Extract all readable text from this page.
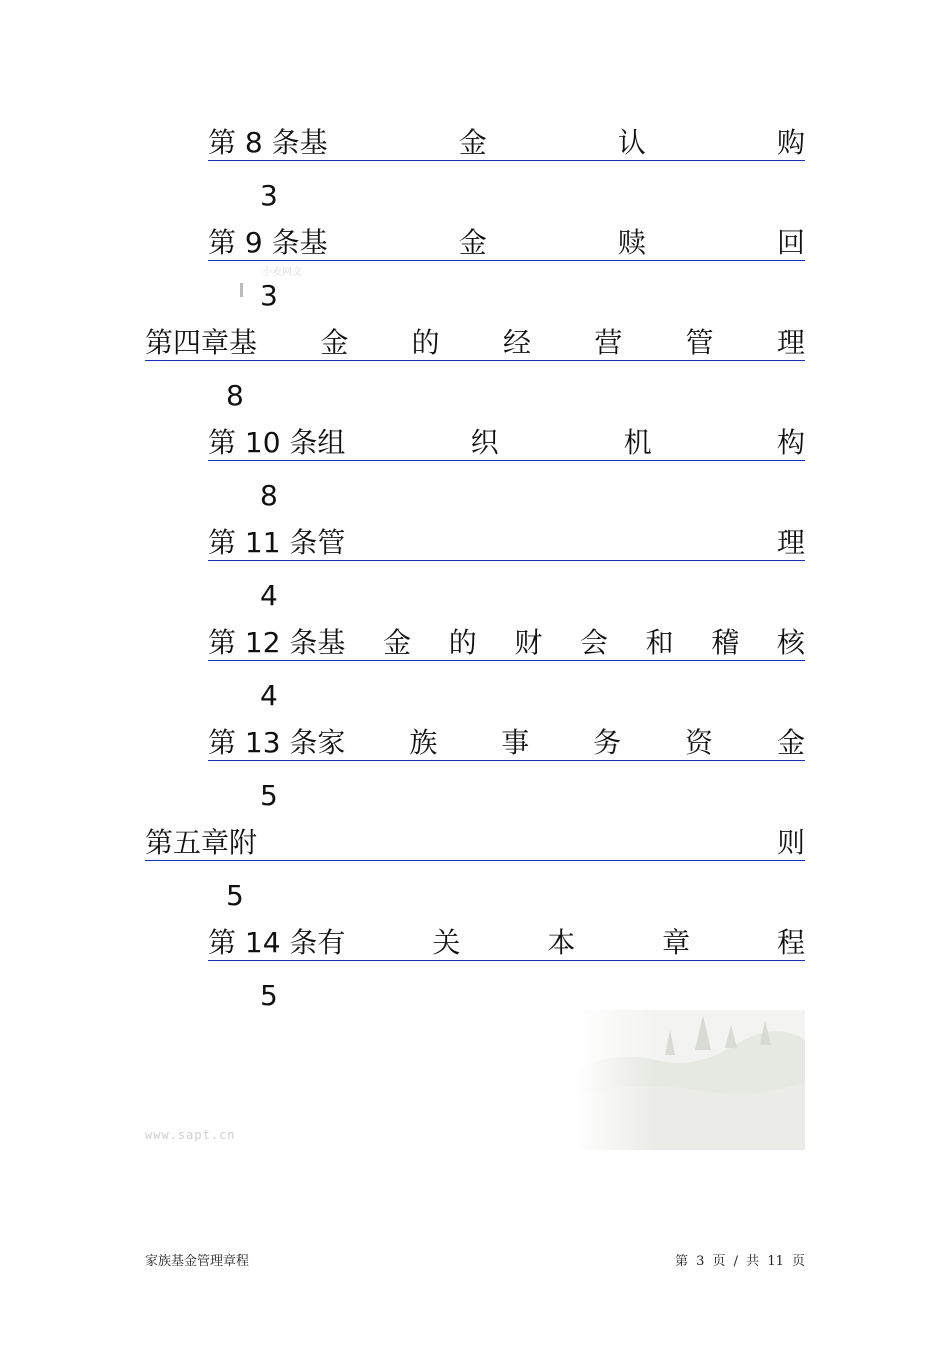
第 8 条基	金	认	购
3
第 9 条基	金	赎	回
小麦网文
3
第四章基 金 的 经 营 管 理
8
第 10 条组	织	机	构
8
第 11 条管	理
4
第 12 条基 金 的 财 会 和 稽 核
4
第 13 条家 族 事 务 资 金
5
第五章附	则
5
第 14 条有	关	本	章	程
5
www.sapt.cn
家族基金管理章程	第 3 页 / 共 11 页
